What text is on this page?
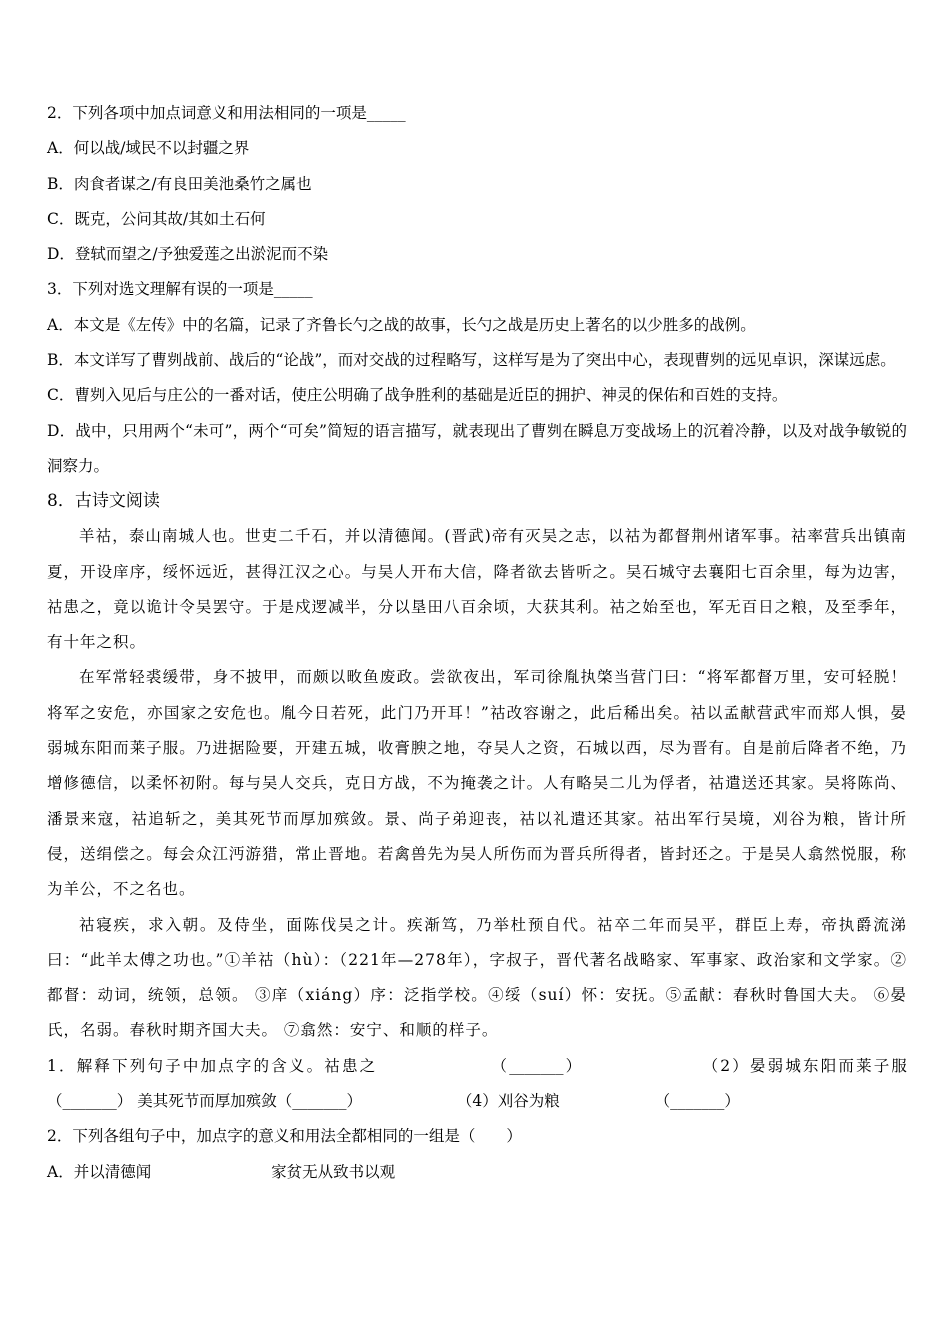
2．下列各项中加点词意义和用法相同的一项是_____

A．何以战/域民不以封疆之界

B．肉食者谋之/有良田美池桑竹之属也

C．既克，公问其故/其如土石何

D．登轼而望之/予独爱莲之出淤泥而不染

3．下列对选文理解有误的一项是_____

A．本文是《左传》中的名篇，记录了齐鲁长勺之战的故事，长勺之战是历史上著名的以少胜多的战例。

B．本文详写了曹刿战前、战后的“论战”，而对交战的过程略写，这样写是为了突出中心，表现曹刿的远见卓识，深谋远虑。

C．曹刿入见后与庄公的一番对话，使庄公明确了战争胜利的基础是近臣的拥护、神灵的保佑和百姓的支持。

D．战中，只用两个“未可”，两个“可矣”简短的语言描写，就表现出了曹刿在瞬息万变战场上的沉着冷静，以及对战争敏锐的洞察力。

8．古诗文阅读

羊祜，泰山南城人也。世吏二千石，并以清德闻。(晋武)帝有灭吴之志，以祜为都督荆州诸军事。祜率营兵出镇南夏，开设庠序，绥怀远近，甚得江汉之心。与吴人开布大信，降者欲去皆听之。吴石城守去襄阳七百余里，每为边害，祜患之，竟以诡计令吴罢守。于是戍逻减半，分以垦田八百余顷，大获其利。祜之始至也，军无百日之粮，及至季年，有十年之积。

在军常轻裘缓带，身不披甲，而颇以畋鱼废政。尝欲夜出，军司徐胤执棨当营门曰：“将军都督万里，安可轻脱！将军之安危，亦国家之安危也。胤今日若死，此门乃开耳！”祜改容谢之，此后稀出矣。祜以孟献营武牢而郑人惧，晏弱城东阳而莱子服。乃进据险要，开建五城，收膏腴之地，夺吴人之资，石城以西，尽为晋有。自是前后降者不绝，乃增修德信，以柔怀初附。每与吴人交兵，克日方战，不为掩袭之计。人有略吴二儿为俘者，祜遣送还其家。吴将陈尚、潘景来寇，祜追斩之，美其死节而厚加殡敛。景、尚子弟迎丧，祜以礼遣还其家。祜出军行吴境，刈谷为粮，皆计所侵，送绢偿之。每会众江沔游猎，常止晋地。若禽兽先为吴人所伤而为晋兵所得者，皆封还之。于是吴人翕然悦服，称为羊公，不之名也。

祜寝疾，求入朝。及侍坐，面陈伐吴之计。疾渐笃，乃举杜预自代。祜卒二年而吴平，群臣上寿，帝执爵流涕曰：“此羊太傅之功也。”①羊祜（hù）：（221年—278年），字叔子，晋代著名战略家、军事家、政治家和文学家。②都督：动词，统领，总领。 ③庠（xiáng）序：泛指学校。④绥（suí）怀：安抚。⑤孟献：春秋时鲁国大夫。 ⑥晏氏，名弱。春秋时期齐国大夫。 ⑦翕然：安宁、和顺的样子。

1．解释下列句子中加点字的含义。祜患之	（_______）	（2）晏弱城东阳而莱子服（_______） 美其死节而厚加殡敛（_______）	（4）刈谷为粮	（_______）

2．下列各组句子中，加点字的意义和用法全都相同的一组是（　　）

A．并以清德闻	家贫无从致书以观
